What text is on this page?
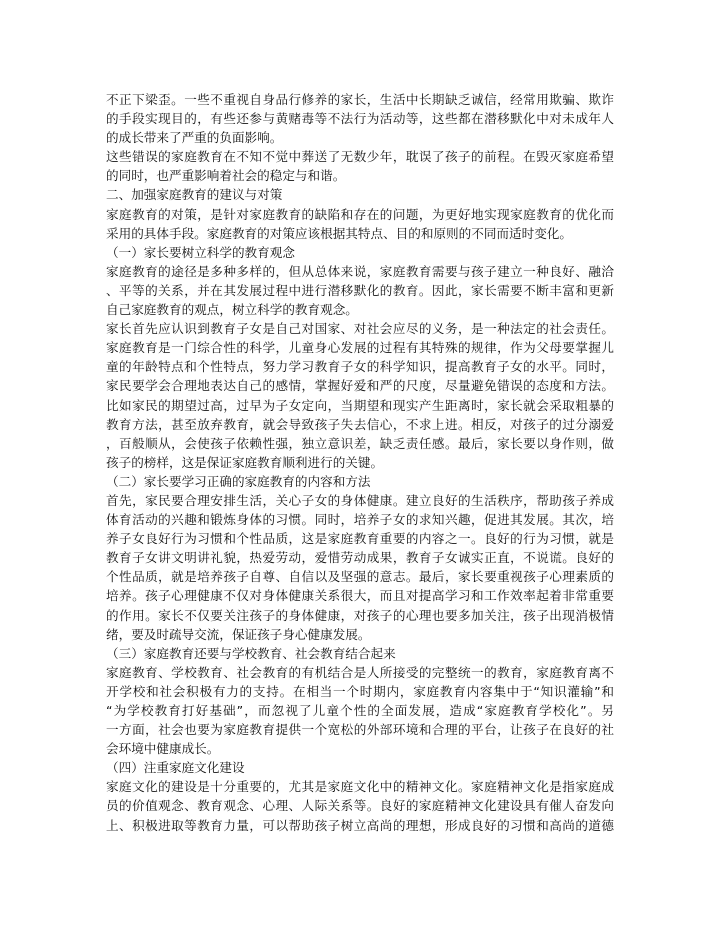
不正下梁歪。一些不重视自身品行修养的家长，生活中长期缺乏诚信，经常用欺骗、欺诈
的手段实现目的，有些还参与黄赌毒等不法行为活动等，这些都在潜移默化中对未成年人
的成长带来了严重的负面影响。
这些错误的家庭教育在不知不觉中葬送了无数少年，耽误了孩子的前程。在毁灭家庭希望
的同时，也严重影响着社会的稳定与和谐。
二、加强家庭教育的建议与对策
家庭教育的对策，是针对家庭教育的缺陷和存在的问题，为更好地实现家庭教育的优化而
采用的具体手段。家庭教育的对策应该根据其特点、目的和原则的不同而适时变化。
（一）家长要树立科学的教育观念
家庭教育的途径是多种多样的，但从总体来说，家庭教育需要与孩子建立一种良好、融洽
、平等的关系，并在其发展过程中进行潜移默化的教育。因此，家长需要不断丰富和更新
自己家庭教育的观点，树立科学的教育观念。
家长首先应认识到教育子女是自己对国家、对社会应尽的义务，是一种法定的社会责任。
家庭教育是一门综合性的科学，儿童身心发展的过程有其特殊的规律，作为父母要掌握儿
童的年龄特点和个性特点，努力学习教育子女的科学知识，提高教育子女的水平。同时，
家民要学会合理地表达自己的感情，掌握好爱和严的尺度，尽量避免错误的态度和方法。
比如家民的期望过高，过早为子女定向，当期望和现实产生距离时，家长就会采取粗暴的
教育方法，甚至放弃教育，就会导致孩子失去信心，不求上进。相反，对孩子的过分溺爱
，百般顺从，会使孩子依赖性强，独立意识差，缺乏责任感。最后，家长要以身作则，做
孩子的榜样，这是保证家庭教育顺利进行的关键。
（二）家长要学习正确的家庭教育的内容和方法
首先，家民要合理安排生活，关心子女的身体健康。建立良好的生活秩序，帮助孩子养成
体育活动的兴趣和锻炼身体的习惯。同时，培养子女的求知兴趣，促进其发展。其次，培
养子女良好行为习惯和个性品质，这是家庭教育重要的内容之一。良好的行为习惯，就是
教育子女讲文明讲礼貌，热爱劳动，爱惜劳动成果，教育子女诚实正直，不说谎。良好的
个性品质，就是培养孩子自尊、自信以及坚强的意志。最后，家长要重视孩子心理素质的
培养。孩子心理健康不仅对身体健康关系很大，而且对提高学习和工作效率起着非常重要
的作用。家长不仅要关注孩子的身体健康，对孩子的心理也要多加关注，孩子出现消极情
绪，要及时疏导交流，保证孩子身心健康发展。
（三）家庭教育还要与学校教育、社会教育结合起来
家庭教育、学校教育、社会教育的有机结合是人所接受的完整统一的教育，家庭教育离不
开学校和社会积极有力的支持。在相当一个时期内，家庭教育内容集中于“知识灌输”和
“为学校教育打好基础”，而忽视了儿童个性的全面发展，造成“家庭教育学校化”。另
一方面，社会也要为家庭教育提供一个宽松的外部环境和合理的平台，让孩子在良好的社
会环境中健康成长。
（四）注重家庭文化建设
家庭文化的建设是十分重要的，尤其是家庭文化中的精神文化。家庭精神文化是指家庭成
员的价值观念、教育观念、心理、人际关系等。良好的家庭精神文化建设具有催人奋发向
上、积极进取等教育力量，可以帮助孩子树立高尚的理想，形成良好的习惯和高尚的道德
